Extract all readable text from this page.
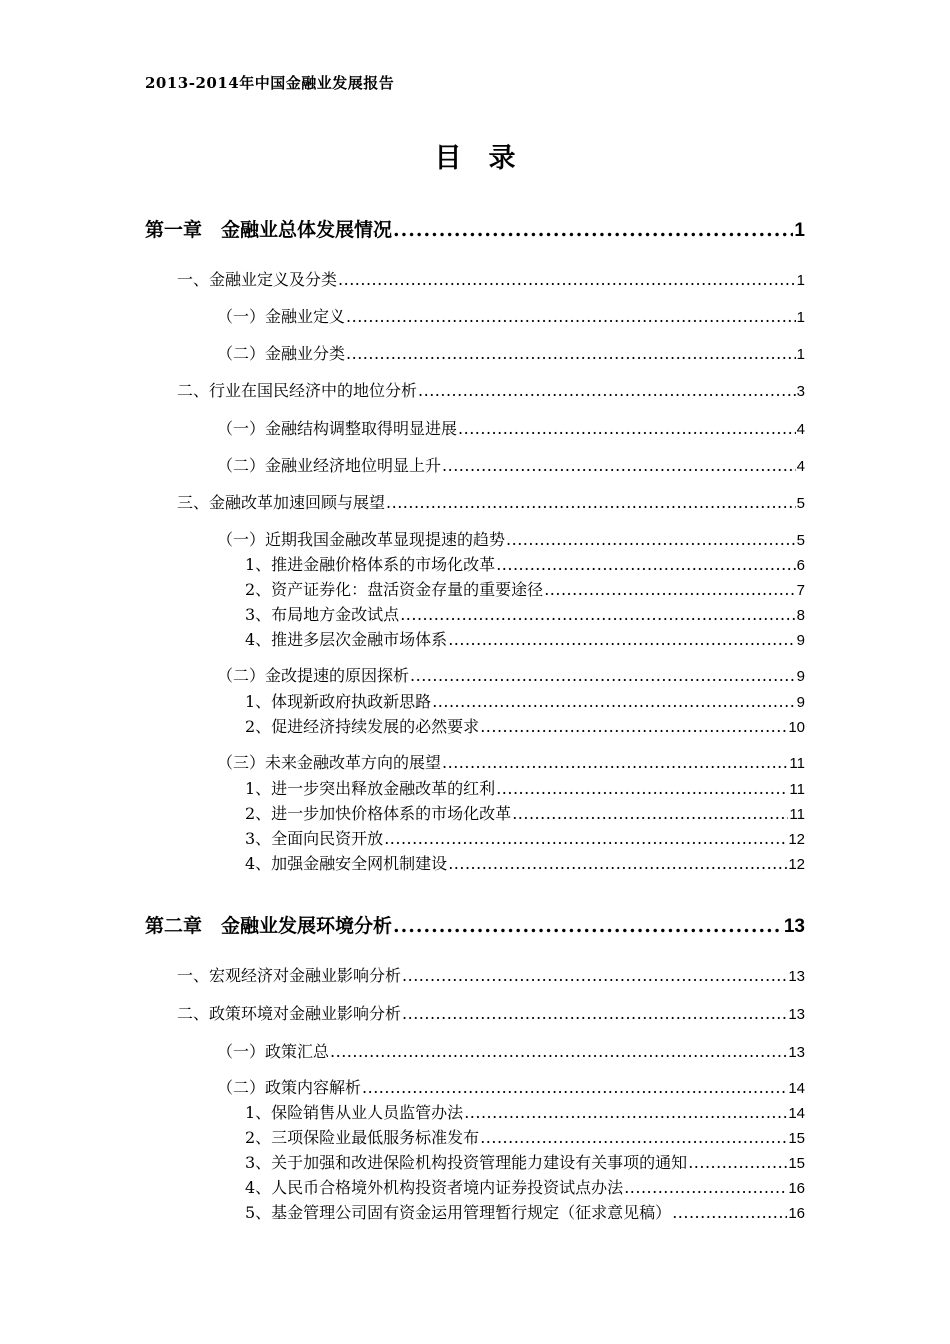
2013-2014年中国金融业发展报告
目　录
第一章　金融业总体发展情况 .....	1
一、金融业定义及分类 .....	1
（一）金融业定义 .....	1
（二）金融业分类 .....	1
二、行业在国民经济中的地位分析 .....	3
（一）金融结构调整取得明显进展 .....	4
（二）金融业经济地位明显上升 .....	4
三、金融改革加速回顾与展望 .....	5
（一）近期我国金融改革显现提速的趋势 .....	5
1、推进金融价格体系的市场化改革 .....	6
2、资产证券化：盘活资金存量的重要途径 .....	7
3、布局地方金改试点 .....	8
4、推进多层次金融市场体系 .....	9
（二）金改提速的原因探析 .....	9
1、体现新政府执政新思路 .....	9
2、促进经济持续发展的必然要求 .....	10
（三）未来金融改革方向的展望 .....	11
1、进一步突出释放金融改革的红利 .....	11
2、进一步加快价格体系的市场化改革 .....	11
3、全面向民资开放 .....	12
4、加强金融安全网机制建设 .....	12
第二章　金融业发展环境分析 .....	13
一、宏观经济对金融业影响分析 .....	13
二、政策环境对金融业影响分析 .....	13
（一）政策汇总 .....	13
（二）政策内容解析 .....	14
1、保险销售从业人员监管办法 .....	14
2、三项保险业最低服务标准发布 .....	15
3、关于加强和改进保险机构投资管理能力建设有关事项的通知 .....	15
4、人民币合格境外机构投资者境内证券投资试点办法 .....	16
5、基金管理公司固有资金运用管理暂行规定（征求意见稿） .....	16
